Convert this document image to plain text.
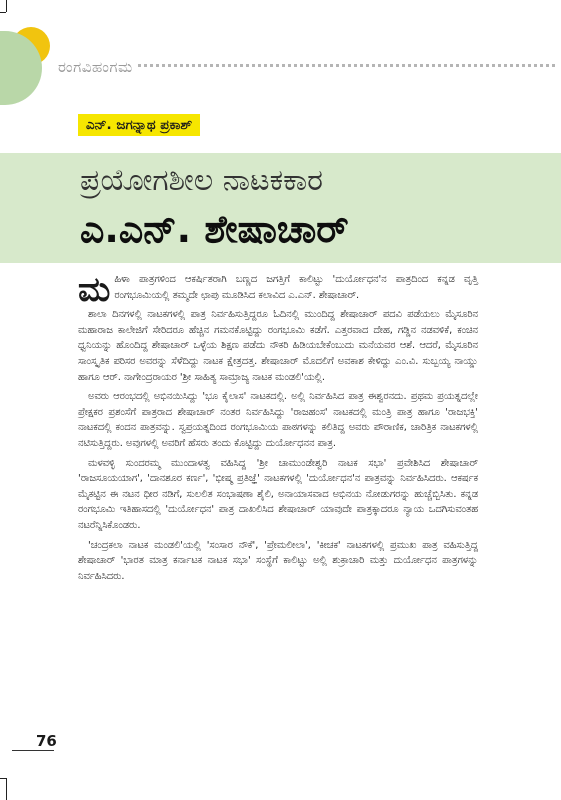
ರಂಗವಿಹಂಗಮ
ಎನ್. ಜಗನ್ನಾಥ ಪ್ರಕಾಶ್
ಪ್ರಯೋಗಶೀಲ ನಾಟಕಕಾರ
ಎ.ಎನ್. ಶೇಷಾಚಾರ್

ಮಹಿಳಾ ಪಾತ್ರಗಳಿಂದ ಆಕರ್ಷಿತರಾಗಿ ಬಣ್ಣದ ಜಗತ್ತಿಗೆ ಕಾಲಿಟ್ಟು 'ದುರ್ಯೋಧನ'ನ ಪಾತ್ರದಿಂದ ಕನ್ನಡ ವೃತ್ತಿ ರಂಗಭೂಮಿಯಲ್ಲಿ ತಮ್ಮದೇ ಛಾಪು ಮೂಡಿಸಿದ ಕಲಾವಿದ ಎ.ಎನ್. ಶೇಷಾಚಾರ್.

ಶಾಲಾ ದಿನಗಳಲ್ಲಿ ನಾಟಕಗಳಲ್ಲಿ ಪಾತ್ರ ನಿರ್ವಹಿಸುತ್ತಿದ್ದರೂ ಓದಿನಲ್ಲಿ ಮುಂದಿದ್ದ ಶೇಷಾಚಾರ್ ಪದವಿ ಪಡೆಯಲು ಮೈಸೂರಿನ ಮಹಾರಾಜ ಕಾಲೇಜಿಗೆ ಸೇರಿದರೂ ಹೆಚ್ಚಿನ ಗಮನಕೊಟ್ಟಿದ್ದು ರಂಗಭೂಮಿ ಕಡೆಗೆ. ಎತ್ತರವಾದ ದೇಹ, ಗಡ್ಡಿನ ನಡವಳಿಕೆ, ಕಂಚಿನ ಧ್ವನಿಯನ್ನು ಹೊಂದಿದ್ದ ಶೇಷಾಚಾರ್ ಒಳ್ಳೆಯ ಶಿಕ್ಷಣ ಪಡೆದು ನೌಕರಿ ಹಿಡಿಯಬೇಕೆಂಬುದು ಮನೆಯವರ ಆಶೆ. ಆದರೆ, ಮೈಸೂರಿನ ಸಾಂಸ್ಕೃತಿಕ ಪರಿಸರ ಅವರನ್ನು ಸೆಳೆದಿದ್ದು ನಾಟಕ ಕ್ಷೇತ್ರದತ್ತ. ಶೇಷಾಚಾರ್ ಮೊದಲಿಗೆ ಅವಕಾಶ ಕೇಳಿದ್ದು ಎಂ.ವಿ. ಸುಬ್ಬಯ್ಯ ನಾಯ್ಡು ಹಾಗೂ ಆರ್. ನಾಗೇಂದ್ರರಾಯರ 'ಶ್ರೀ ಸಾಹಿತ್ಯ ಸಾಮ್ರಾಜ್ಯ ನಾಟಕ ಮಂಡಲಿ'ಯಲ್ಲಿ.

ಅವರು ಆರಂಭದಲ್ಲಿ ಅಭಿನಯಿಸಿದ್ದು 'ಭೂ ಕೈಲಾಸ' ನಾಟಕದಲ್ಲಿ. ಅಲ್ಲಿ ನಿರ್ವಹಿಸಿದ ಪಾತ್ರ ಈಶ್ವರನದು. ಪ್ರಥಮ ಪ್ರಯತ್ನದಲ್ಲೇ ಪ್ರೇಕ್ಷಕರ ಪ್ರಶಂಸೆಗೆ ಪಾತ್ರರಾದ ಶೇಷಾಚಾರ್ ನಂತರ ನಿರ್ವಹಿಸಿದ್ದು 'ರಾಜಹಂಸ' ನಾಟಕದಲ್ಲಿ ಮಂತ್ರಿ ಪಾತ್ರ ಹಾಗೂ 'ರಾಜಭಕ್ತಿ' ನಾಟಕದಲ್ಲಿ ಕಂದನ ಪಾತ್ರವನ್ನು. ಸ್ವಪ್ರಯತ್ನದಿಂದ ರಂಗಭೂಮಿಯ ಪಾಠಗಳನ್ನು ಕಲಿತಿದ್ದ ಅವರು ಪೌರಾಣಿಕ, ಚಾರಿತ್ರಿಕ ನಾಟಕಗಳಲ್ಲಿ ನಟಿಸುತ್ತಿದ್ದರು. ಅವುಗಳಲ್ಲಿ ಅವರಿಗೆ ಹೆಸರು ತಂದು ಕೊಟ್ಟಿದ್ದು ದುರ್ಯೋಧನನ ಪಾತ್ರ.

ಮಳವಳ್ಳಿ ಸುಂದರಮ್ಮ ಮುಂದಾಳತ್ವ ವಹಿಸಿದ್ದ 'ಶ್ರೀ ಚಾಮುಂಡೇಶ್ವರಿ ನಾಟಕ ಸಭಾ' ಪ್ರವೇಶಿಸಿದ ಶೇಷಾಚಾರ್ 'ರಾಜಸೂಯಯಾಗ', 'ದಾನಶೂರ ಕರ್ಣ', 'ಭೀಷ್ಮ ಪ್ರತಿಜ್ಞೆ' ನಾಟಕಗಳಲ್ಲಿ 'ದುರ್ಯೋಧನ'ನ ಪಾತ್ರವನ್ನು ನಿರ್ವಹಿಸಿದರು. ಆಕರ್ಷಕ ಮೈಕಟ್ಟಿನ ಈ ನಟನ ಧೀರ ನಡಿಗೆ, ಸುಲಲಿತ ಸಂಭಾಷಣಾ ಶೈಲಿ, ಅನಾಯಾಸವಾದ ಅಭಿನಯ ನೋಡುಗರನ್ನು ಹುಚ್ಚೆಬ್ಬಿಸಿತು. ಕನ್ನಡ ರಂಗಭೂಮಿ ಇತಿಹಾಸದಲ್ಲಿ 'ದುರ್ಯೋಧನ' ಪಾತ್ರ ದಾಖಲಿಸಿದ ಶೇಷಾಚಾರ್ ಯಾವುದೇ ಪಾತ್ರಕ್ಕಾದರೂ ನ್ಯಾಯ ಒದಗಿಸುವಂತಹ ನಟರೆನ್ನಿಸಿಕೊಂಡರು.

'ಚಂದ್ರಕಲಾ ನಾಟಕ ಮಂಡಲಿ'ಯಲ್ಲಿ 'ಸಂಸಾರ ನೌಕೆ', 'ಪ್ರೇಮಲೀಲಾ', 'ಕೀಚಕ' ನಾಟಕಗಳಲ್ಲಿ ಪ್ರಮುಖ ಪಾತ್ರ ವಹಿಸುತ್ತಿದ್ದ ಶೇಷಾಚಾರ್ 'ಭಾರತ ಮಾತ್ರ ಕರ್ನಾಟಕ ನಾಟಕ ಸಭಾ' ಸಂಸ್ಥೆಗೆ ಕಾಲಿಟ್ಟು ಅಲ್ಲಿ ಶುಕ್ರಾಚಾರಿ ಮತ್ತು ದುರ್ಯೋಧನ ಪಾತ್ರಗಳನ್ನು ನಿರ್ವಹಿಸಿದರು.

76
